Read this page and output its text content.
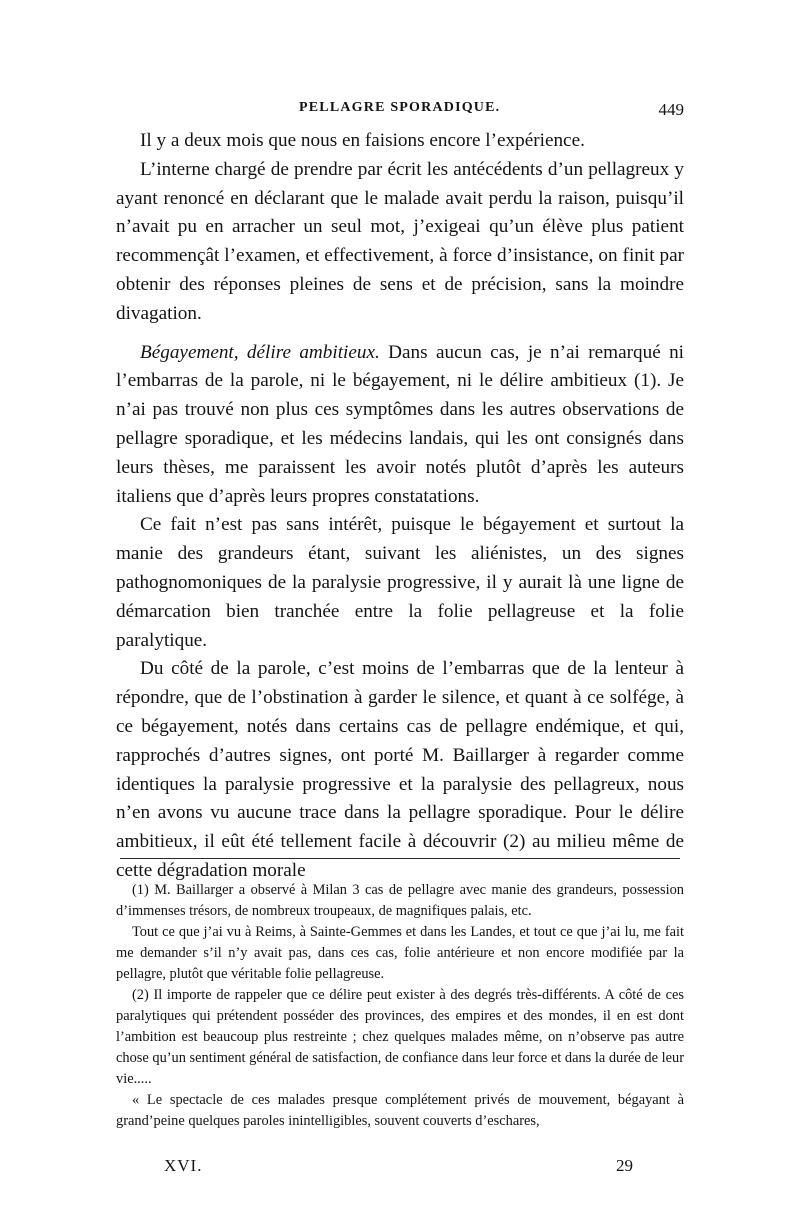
PELLAGRE SPORADIQUE.	449

Il y a deux mois que nous en faisions encore l’expérience.

L’interne chargé de prendre par écrit les antécédents d’un pellagreux y ayant renoncé en déclarant que le malade avait perdu la raison, puisqu’il n’avait pu en arracher un seul mot, j’exigeai qu’un élève plus patient recommençât l’examen, et effectivement, à force d’insistance, on finit par obtenir des réponses pleines de sens et de précision, sans la moindre divagation.

Bégayement, délire ambitieux. Dans aucun cas, je n’ai remarqué ni l’embarras de la parole, ni le bégayement, ni le délire ambitieux (1). Je n’ai pas trouvé non plus ces symptômes dans les autres observations de pellagre sporadique, et les médecins landais, qui les ont consignés dans leurs thèses, me paraissent les avoir notés plutôt d’après les auteurs italiens que d’après leurs propres constatations.

Ce fait n’est pas sans intérêt, puisque le bégayement et surtout la manie des grandeurs étant, suivant les aliénistes, un des signes pathognomoniques de la paralysie progressive, il y aurait là une ligne de démarcation bien tranchée entre la folie pellagreuse et la folie paralytique.

Du côté de la parole, c’est moins de l’embarras que de la lenteur à répondre, que de l’obstination à garder le silence, et quant à ce solfége, à ce bégayement, notés dans certains cas de pellagre endémique, et qui, rapprochés d’autres signes, ont porté M. Baillarger à regarder comme identiques la paralysie progressive et la paralysie des pellagreux, nous n’en avons vu aucune trace dans la pellagre sporadique. Pour le délire ambitieux, il eût été tellement facile à découvrir (2) au milieu même de cette dégradation morale

(1) M. Baillarger a observé à Milan 3 cas de pellagre avec manie des grandeurs, possession d’immenses trésors, de nombreux troupeaux, de magnifiques palais, etc.

Tout ce que j’ai vu à Reims, à Sainte-Gemmes et dans les Landes, et tout ce que j’ai lu, me fait me demander s’il n’y avait pas, dans ces cas, folie antérieure et non encore modifiée par la pellagre, plutôt que véritable folie pellagreuse.

(2) Il importe de rappeler que ce délire peut exister à des degrés très-différents. A côté de ces paralytiques qui prétendent posséder des provinces, des empires et des mondes, il en est dont l’ambition est beaucoup plus restreinte ; chez quelques malades même, on n’observe pas autre chose qu’un sentiment général de satisfaction, de confiance dans leur force et dans la durée de leur vie.....

« Le spectacle de ces malades presque complétement privés de mouvement, bégayant à grand’peine quelques paroles inintelligibles, souvent couverts d’eschares,

XVI.	29
